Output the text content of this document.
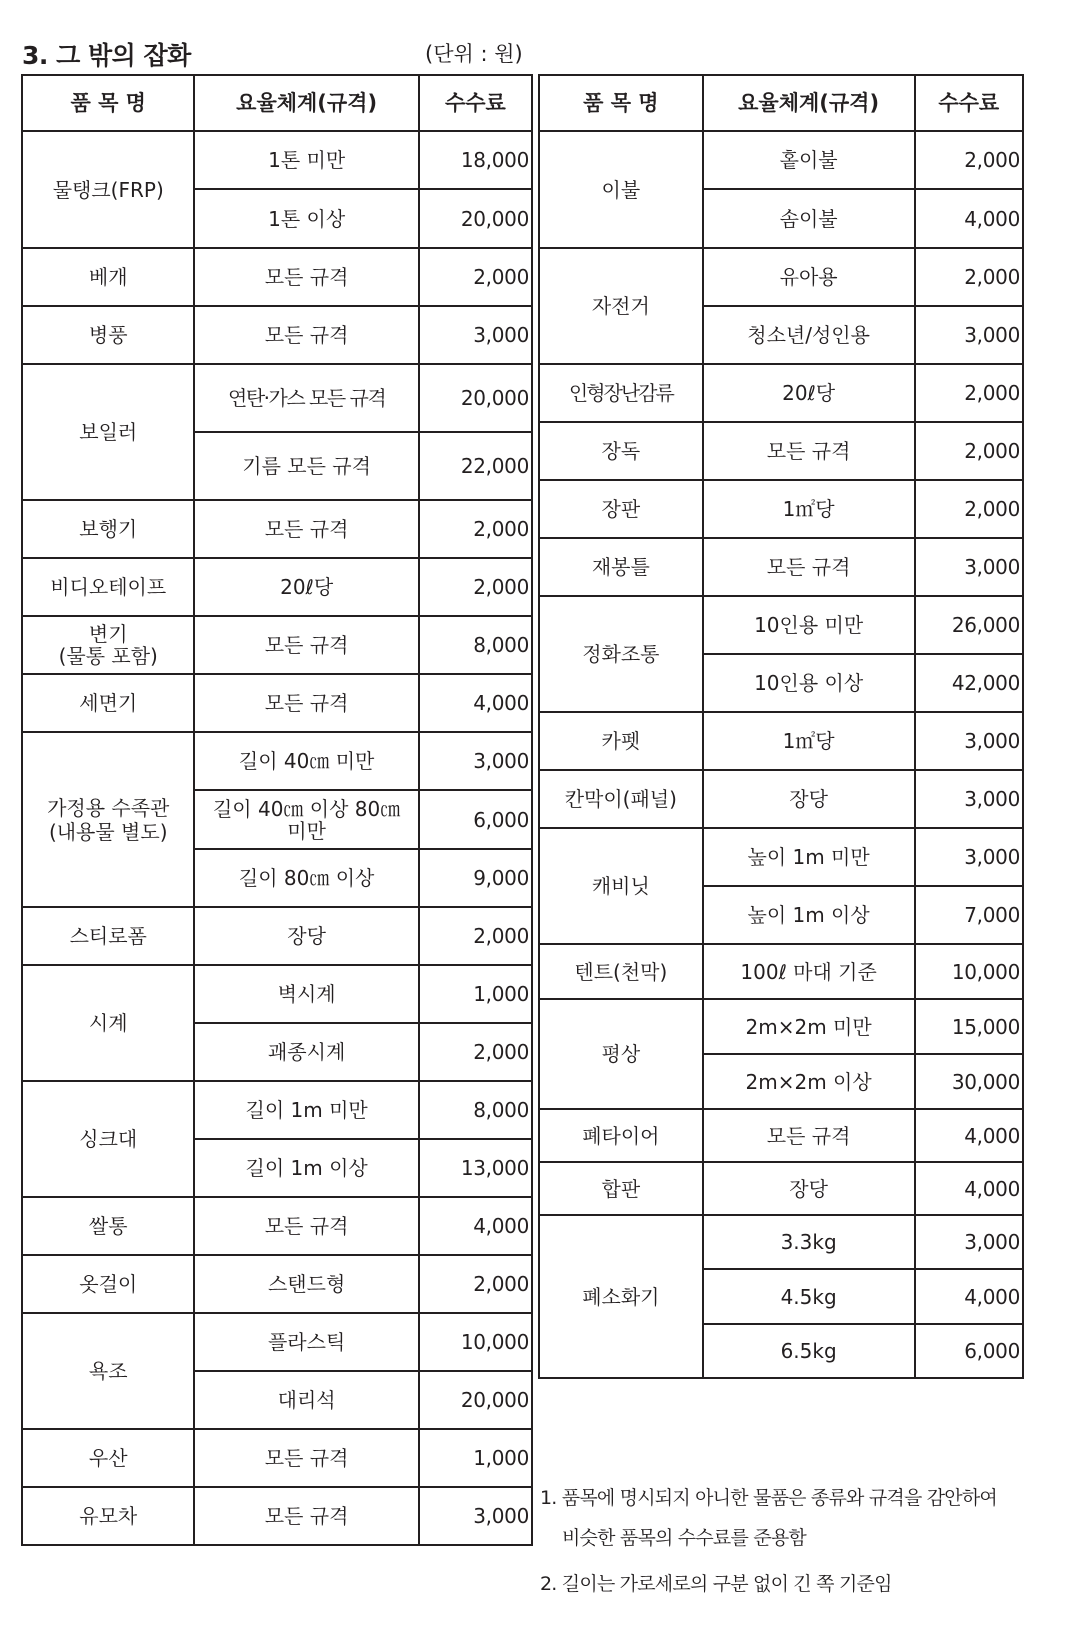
3. 그 밖의 잡화	(단위 : 원)
품 목 명	요율체계(규격)	수수료
물탱크(FRP)	1톤 미만	18,000
	1톤 이상	20,000
베개	모든 규격	2,000
병풍	모든 규격	3,000
보일러	연탄·가스 모든 규격	20,000
	기름 모든 규격	22,000
보행기	모든 규격	2,000
비디오테이프	20ℓ당	2,000

변기
(물통 포함)	모든 규격	8,000
세면기	모든 규격	4,000

가정용 수족관
(내용물 별도)	길이 40㎝ 미만	3,000

	길이 40㎝ 이상 80㎝
미만	6,000
	길이 80㎝ 이상	9,000
스티로폼	장당	2,000
시계	벽시계	1,000
	괘종시계	2,000
싱크대	길이 1m 미만	8,000
	길이 1m 이상	13,000
쌀통	모든 규격	4,000
옷걸이	스탠드형	2,000
욕조	플라스틱	10,000
	대리석	20,000
우산	모든 규격	1,000
유모차	모든 규격	3,000
품 목 명	요율체계(규격)	수수료
이불	홑이불	2,000
	솜이불	4,000
자전거	유아용	2,000
	청소년/성인용	3,000
인형장난감류	20ℓ당	2,000
장독	모든 규격	2,000
장판	1㎡당	2,000
재봉틀	모든 규격	3,000
정화조통	10인용 미만	26,000
	10인용 이상	42,000
카펫	1㎡당	3,000
칸막이(패널)	장당	3,000
캐비닛	높이 1m 미만	3,000
	높이 1m 이상	7,000
텐트(천막)	100ℓ 마대 기준	10,000
평상	2m×2m 미만	15,000
	2m×2m 이상	30,000
폐타이어	모든 규격	4,000
합판	장당	4,000
폐소화기	3.3kg	3,000
	4.5kg	4,000
	6.5kg	6,000

1. 품목에 명시되지 아니한 물품은 종류와 규격을 감안하여

비슷한 품목의 수수료를 준용함

2. 길이는 가로세로의 구분 없이 긴 쪽 기준임
